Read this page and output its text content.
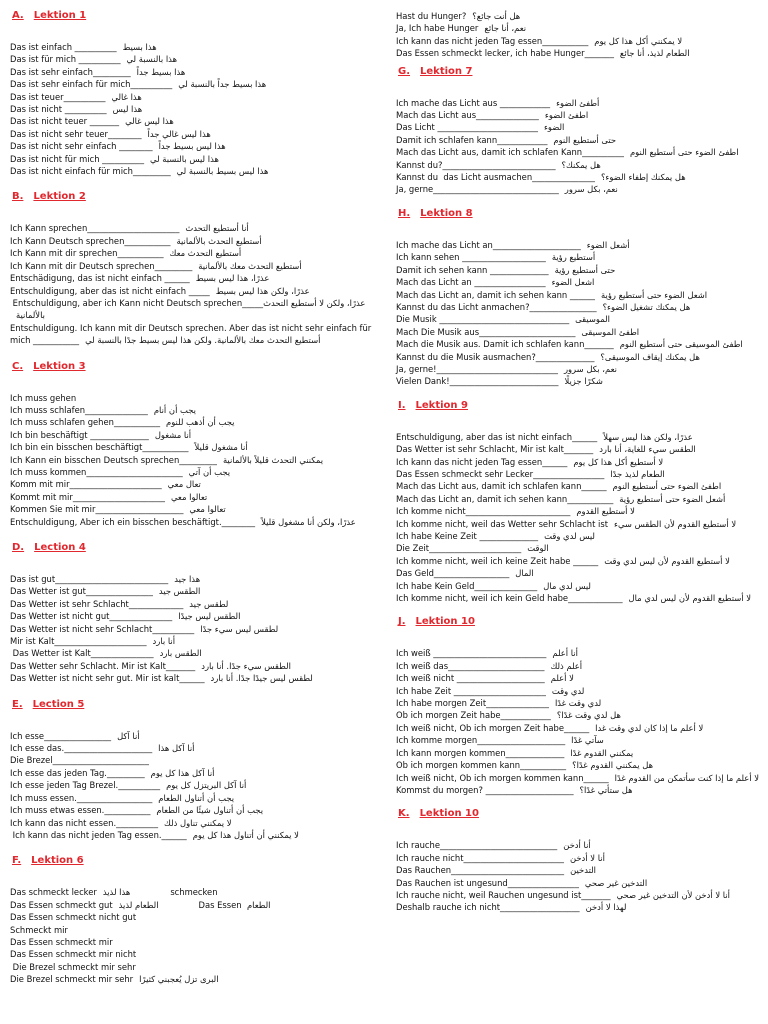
A. Lektion 1
Das ist einfach __________ هذا بسيط
Das ist für mich __________ هذا بالنسبة لي
Das ist sehr einfach_________ هذا بسيط جداً
Das ist sehr einfach für mich__________ هذا بسيط جداً بالنسبة لي
Das ist teuer__________ هذا غالي
Das ist nicht __________ هذا ليس
Das ist nicht teuer _______ هذا ليس غالي
Das ist nicht sehr teuer________ هذا ليس غالي جداً
Das ist nicht sehr einfach ________ هذا ليس بسيط جداً
Das ist nicht für mich __________ هذا ليس بالنسبة لي
Das ist nicht einfach für mich_________ هذا ليس بسيط بالنسبة لي
B. Lektion 2
Ich Kann sprechen______________________ أنا أستطيع التحدث
Ich Kann Deutsch sprechen___________ أستطيع التحدث بالألمانية
Ich Kann mit dir sprechen___________ أستطيع التحدث معك
Ich Kann mit dir Deutsch sprechen_________ أستطيع التحدث معك بالألمانية
Entschädigung, das ist nicht einfach ______ عذرًا، هذا ليس بسيط
Entschuldigung, aber das ist nicht einfach _____ عذرًا، ولكن هذا ليس بسيط
Entschuldigung, aber ich Kann nicht Deutsch sprechen_____عذرًا، ولكن لا أستطيع التحدث بالألمانية
Entschuldigung. Ich kann mit dir Deutsch sprechen. Aber das ist nicht sehr einfach für mich ___________ أستطيع التحدث معك بالألمانية. ولكن هذا ليس بسيط جدًا بالنسبة لي
C. Lektion 3
Ich muss gehen
Ich muss schlafen_______________ يجب أن أنام
Ich muss schlafen gehen___________ يجب أن أذهب للنوم
Ich bin beschäftigt ______________ أنا مشغول
Ich bin ein bisschen beschäftigt___________ أنا مشغول قليلاً
Ich Kann ein bisschen Deutsch sprechen_________ يمكنني التحدث قليلاً بالألمانية
Ich muss kommen_______________________ يجب أن آتي
Komm mit mir______________________ تعال معي
Kommt mit mir______________________ تعالوا معي
Kommen Sie mit mir_____________________ تعالوا معي
Entschuldigung, Aber ich ein bisschen beschäftigt.________ عذرًا، ولكن أنا مشغول قليلاً
D. Lection 4
Das ist gut___________________________ هذا جيد
Das Wetter ist gut________________ الطقس جيد
Das Wetter ist sehr Schlacht_____________ لطقس جيد
Das Wetter ist nicht gut_______________ الطقس ليس جيدًا
Das Wetter ist nicht sehr Schlacht__________ لطقس ليس سيء جدًا
Mir ist Kalt______________________ أنا بارد
Das Wetter ist Kalt_______________ الطقس بارد
Das Wetter sehr Schlacht. Mir ist Kalt_______ الطقس سيء جدًا. أنا بارد
Das Wetter ist nicht sehr gut. Mir ist kalt______ لطقس ليس جيدًا جدًا. أنا بارد
E. Lection 5
Ich esse________________ أنا آكل
Ich esse das._____________________ أنا آكل هذا
Die Brezel_______________________
Ich esse das jeden Tag._________ أنا آكل هذا كل يوم
Ich esse jeden Tag Brezel.__________ أنا آكل البريتزل كل يوم
Ich muss essen.__________________ يجب أن أتناول الطعام
Ich muss etwas essen.___________ يجب أن أتناول شيئًا من الطعام
Ich kann das nicht essen.__________ لا يمكنني تناول ذلك
Ich kann das nicht jeden Tag essen.______ لا يمكنني أن أتناول هذا كل يوم
F. Lektion 6
Das schmeckt lecker هذا لذيذ	schmecken
Das Essen schmeckt gut الطعام لذيذ	Das Essen  الطعام
Das Essen schmeckt nicht gut
Schmeckt mir
Das Essen schmeckt mir
Das Essen schmeckt mir nicht
Die Brezel schmeckt mir sehr
Die Brezel schmeckt mir sehr البرى تزل يُعجبني كثيرًا
Hast du Hunger? هل أنت جائع؟
Ja, Ich habe Hunger نعم، أنا جائع
Ich kann das nicht jeden Tag essen___________ لا يمكنني أكل هذا كل يوم
Das Essen schmeckt lecker, ich habe Hunger_______ الطعام لذيذ، أنا جائع
G. Lektion 7
Ich mache das Licht aus ____________ أطفئ الضوء
Mach das Licht aus_______________ اطفئ الضوء
Das Licht ________________________ الضوء
Damit ich schlafen kann____________ حتى أستطيع النوم
Mach das Licht aus, damit ich schlafen Kann__________ اطفئ الضوء حتى أستطيع النوم
Kannst du?___________________________ هل يمكنك؟
Kannst du  das Licht ausmachen_______________ هل يمكنك إطفاء الضوء؟
Ja, gerne______________________________ نعم، بكل سرور
H. Lektion 8
Ich mache das Licht an_____________________ أشعل الضوء
Ich kann sehen ____________________ أستطيع رؤية
Damit ich sehen kann ______________ حتى أستطيع رؤية
Mach das Licht an _________________ اشعل الضوء
Mach das Licht an, damit ich sehen kann ______ اشعل الضوء حتى أستطيع رؤية
Kannst du das Licht anmachen?________________ هل يمكنك تشغيل الضوء؟
Die Musik _______________________________ الموسيقى
Mach Die Musik aus_______________________ اطفئ الموسيقى
Mach die Musik aus. Damit ich schlafen kann_______ اطفئ الموسيقى حتى أستطيع النوم
Kannst du die Musik ausmachen?______________ هل يمكنك إيقاف الموسيقى؟
Ja, gerne!_____________________________ نعم، بكل سرور
Vielen Dank!__________________________ شكرًا جزيلًا
I. Lektion 9
Entschuldigung, aber das ist nicht einfach______ عذرًا، ولكن هذا ليس سهلاً
Das Wetter ist sehr Schlacht, Mir ist kalt_______ الطقس سيء للغاية، أنا بارد
Ich kann das nicht jeden Tag essen______ لا أستطيع أكل هذا كل يوم
Das Essen schmeckt sehr Lecker_________________ الطعام لذيذ جدًا
Mach das Licht aus, damit ich schlafen kann______ اطفئ الضوء حتى أستطيع النوم
Mach das Licht an, damit ich sehen kann___________ أشعل الضوء حتى أستطيع رؤية
Ich komme nicht_________________________ لا أستطيع القدوم
Ich komme nicht, weil das Wetter sehr Schlacht ist لا أستطيع القدوم لأن الطقس سيء
Ich habe Keine Zeit ______________ ليس لدي وقت
Die Zeit______________________ الوقت
Ich komme nicht, weil ich keine Zeit habe ______ لا أستطيع القدوم لأن ليس لدي وقت
Das Geld__________________ المال
Ich habe Kein Geld_______________ ليس لدي مال
Ich komme nicht, weil ich kein Geld habe_____________ لا أستطيع القدوم لأن ليس لدي مال
J. Lektion 10
Ich weiß ___________________________ أنا أعلم
Ich weiß das_______________________ أعلم ذلك
Ich weiß nicht _____________________ لا أعلم
Ich habe Zeit ______________________ لدي وقت
Ich habe morgen Zeit_______________ لدي وقت غدًا
Ob ich morgen Zeit habe____________ هل لدي وقت غدًا؟
Ich weiß nicht, Ob ich morgen Zeit habe______ لا أعلم ما إذا كان لدي وقت غدا
Ich komme morgen_____________________ سآتي غدًا
Ich kann morgen kommen______________ يمكنني القدوم غدًا
Ob ich morgen kommen kann___________ هل يمكنني القدوم غدًا؟
Ich weiß nicht, Ob ich morgen kommen kann______ لا أعلم ما إذا كنت سأتمكن من القدوم غدًا
Kommst du morgen? _____________________ هل ستأتي غدًا؟
K. Lektion 10
Ich rauche____________________________ أنا أدخن
Ich rauche nicht________________________ أنا لا أدخن
Das Rauchen___________________________ التدخين
Das Rauchen ist ungesund_________________ التدخين غير صحي
Ich rauche nicht, weil Rauchen ungesund ist_______ أنا لا أدخن لأن التدخين غير صحي
Deshalb rauche ich nicht___________________ لهذا لا أدخن
